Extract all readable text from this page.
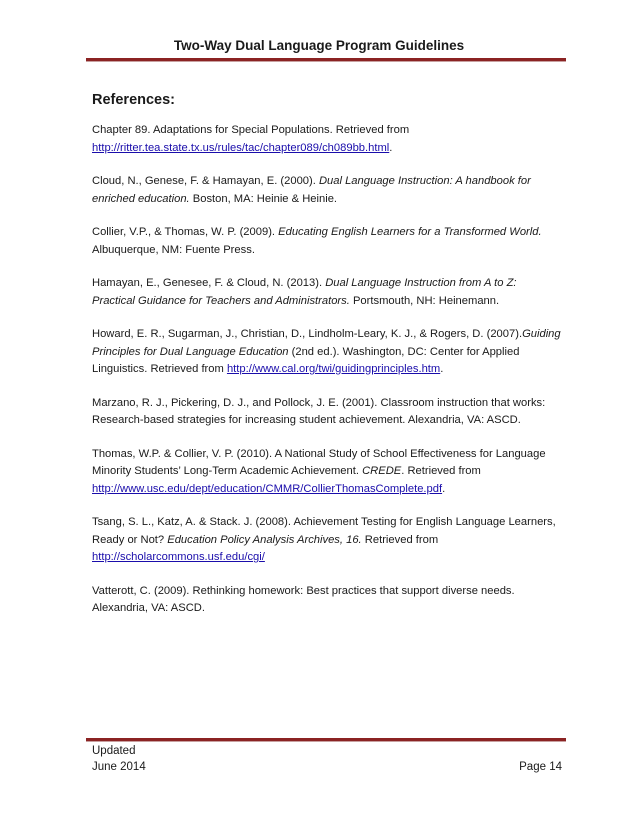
Two-Way Dual Language Program Guidelines
References:
Chapter 89. Adaptations for Special Populations. Retrieved from http://ritter.tea.state.tx.us/rules/tac/chapter089/ch089bb.html.
Cloud, N., Genese, F. & Hamayan, E. (2000). Dual Language Instruction: A handbook for enriched education. Boston, MA: Heinie & Heinie.
Collier, V.P., & Thomas, W. P. (2009). Educating English Learners for a Transformed World. Albuquerque, NM: Fuente Press.
Hamayan, E., Genesee, F. & Cloud, N. (2013). Dual Language Instruction from A to Z: Practical Guidance for Teachers and Administrators. Portsmouth, NH: Heinemann.
Howard, E. R., Sugarman, J., Christian, D., Lindholm-Leary, K. J., & Rogers, D. (2007).Guiding Principles for Dual Language Education (2nd ed.). Washington, DC: Center for Applied Linguistics. Retrieved from http://www.cal.org/twi/guidingprinciples.htm.
Marzano, R. J., Pickering, D. J., and Pollock, J. E. (2001). Classroom instruction that works: Research-based strategies for increasing student achievement. Alexandria, VA: ASCD.
Thomas, W.P. & Collier, V. P. (2010). A National Study of School Effectiveness for Language Minority Students’ Long-Term Academic Achievement. CREDE. Retrieved from http://www.usc.edu/dept/education/CMMR/CollierThomasComplete.pdf.
Tsang, S. L., Katz, A. & Stack. J. (2008). Achievement Testing for English Language Learners, Ready or Not? Education Policy Analysis Archives, 16. Retrieved from http://scholarcommons.usf.edu/cgi/
Vatterott, C. (2009). Rethinking homework: Best practices that support diverse needs. Alexandria, VA: ASCD.
Updated
June 2014	Page 14
